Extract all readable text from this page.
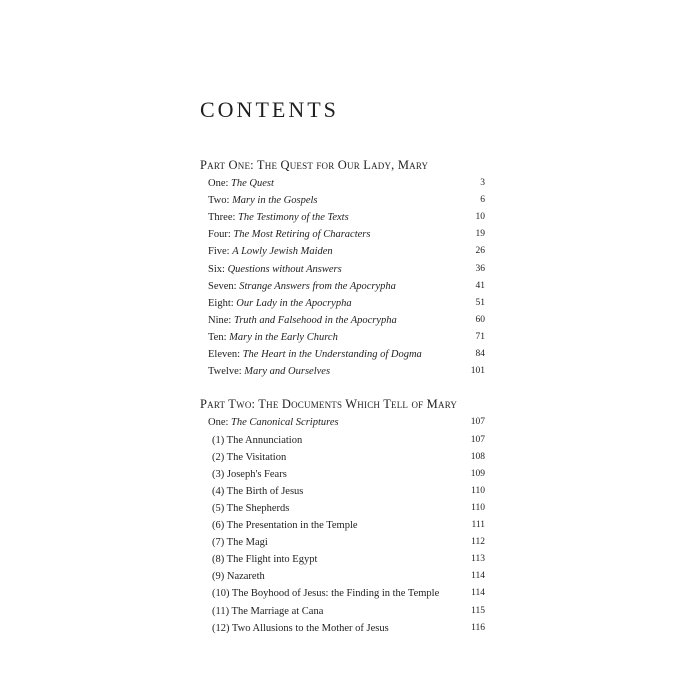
CONTENTS
Part One: The Quest for Our Lady, Mary
One: The Quest	3
Two: Mary in the Gospels	6
Three: The Testimony of the Texts	10
Four: The Most Retiring of Characters	19
Five: A Lowly Jewish Maiden	26
Six: Questions without Answers	36
Seven: Strange Answers from the Apocrypha	41
Eight: Our Lady in the Apocrypha	51
Nine: Truth and Falsehood in the Apocrypha	60
Ten: Mary in the Early Church	71
Eleven: The Heart in the Understanding of Dogma	84
Twelve: Mary and Ourselves	101
Part Two: The Documents Which Tell of Mary
One: The Canonical Scriptures	107
(1) The Annunciation	107
(2) The Visitation	108
(3) Joseph's Fears	109
(4) The Birth of Jesus	110
(5) The Shepherds	110
(6) The Presentation in the Temple	111
(7) The Magi	112
(8) The Flight into Egypt	113
(9) Nazareth	114
(10) The Boyhood of Jesus: the Finding in the Temple	114
(11) The Marriage at Cana	115
(12) Two Allusions to the Mother of Jesus	116
